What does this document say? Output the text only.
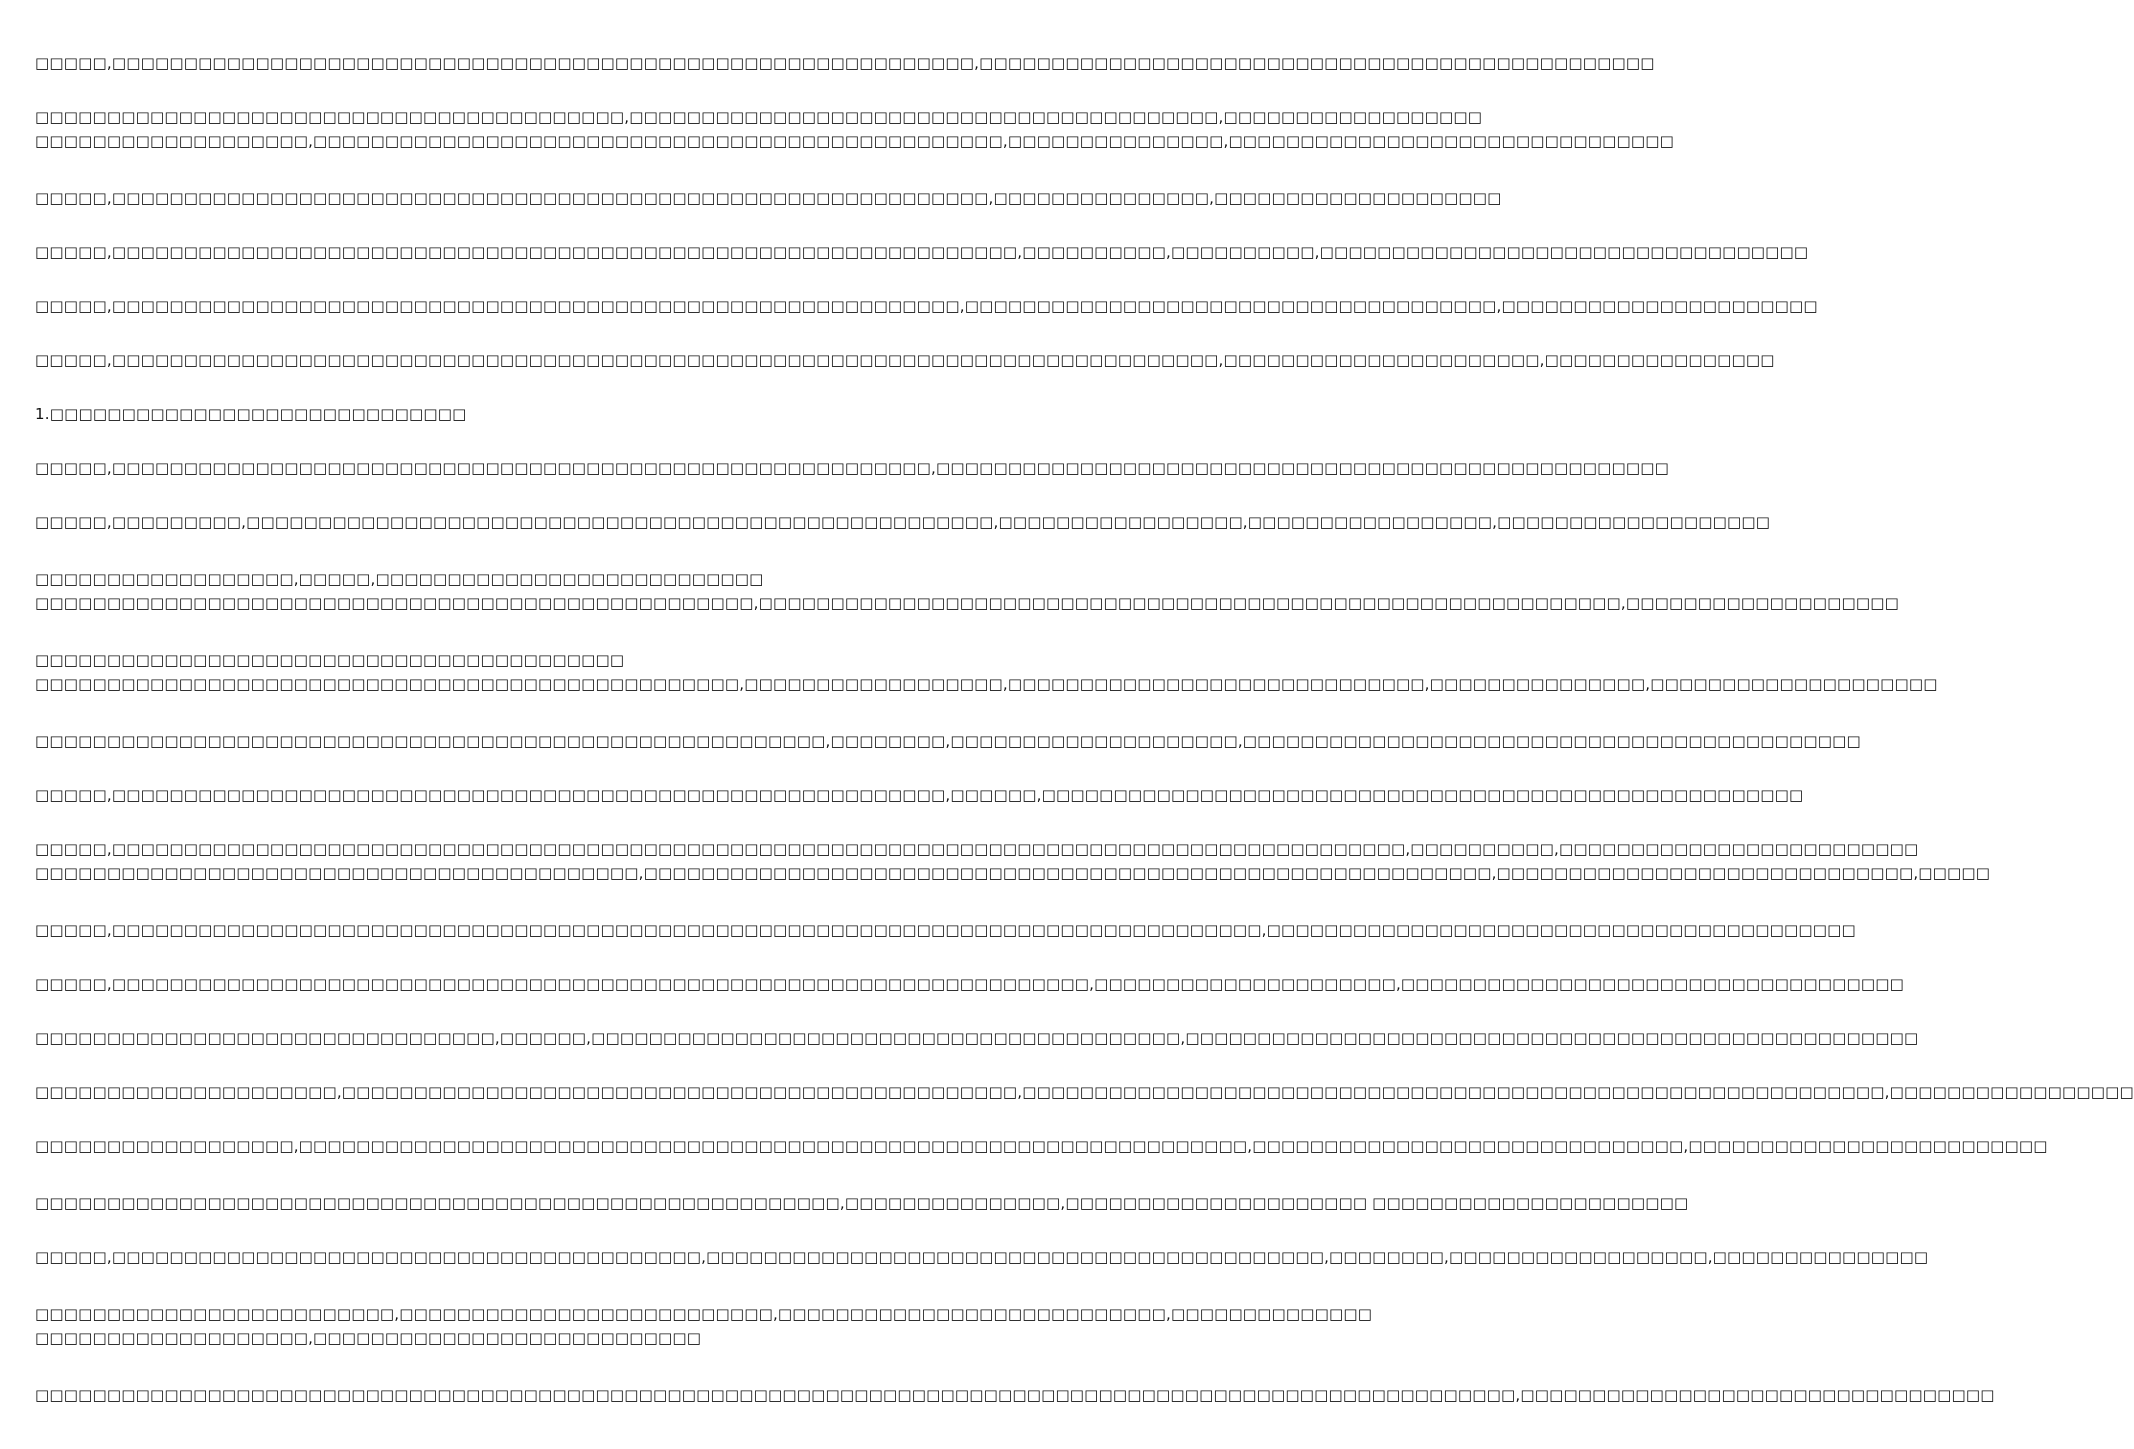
□□□□□,□□□□□□□□□□□□□□□□□□□□□□□□□□□□□□□□□□□□□□□□□□□□□□□□□□□□□□□□□□□□,□□□□□□□□□□□□□□□□□□□□□□□□□□□□□□□□□□□□□□□□□□□□□□□
□□□□□□□□□□□□□□□□□□□□□□□□□□□□□□□□□□□□□□□□□,□□□□□□□□□□□□□□□□□□□□□□□□□□□□□□□□□□□□□□□□□,□□□□□□□□□□□□□□□□□□
□□□□□□□□□□□□□□□□□□□,□□□□□□□□□□□□□□□□□□□□□□□□□□□□□□□□□□□□□□□□□□□□□□□□,□□□□□□□□□□□□□□□,□□□□□□□□□□□□□□□□□□□□□□□□□□□□□□□
□□□□□,□□□□□□□□□□□□□□□□□□□□□□□□□□□□□□□□□□□□□□□□□□□□□□□□□□□□□□□□□□□□□,□□□□□□□□□□□□□□□,□□□□□□□□□□□□□□□□□□□□
□□□□□,□□□□□□□□□□□□□□□□□□□□□□□□□□□□□□□□□□□□□□□□□□□□□□□□□□□□□□□□□□□□□□□,□□□□□□□□□□,□□□□□□□□□□,□□□□□□□□□□□□□□□□□□□□□□□□□□□□□□□□□□
□□□□□,□□□□□□□□□□□□□□□□□□□□□□□□□□□□□□□□□□□□□□□□□□□□□□□□□□□□□□□□□□□,□□□□□□□□□□□□□□□□□□□□□□□□□□□□□□□□□□□□□,□□□□□□□□□□□□□□□□□□□□□□
□□□□□,□□□□□□□□□□□□□□□□□□□□□□□□□□□□□□□□□□□□□□□□□□□□□□□□□□□□□□□□□□□□□□□□□□□□□□□□□□□□□,□□□□□□□□□□□□□□□□□□□□□□,□□□□□□□□□□□□□□□□
1.□□□□□□□□□□□□□□□□□□□□□□□□□□□□□
□□□□□,□□□□□□□□□□□□□□□□□□□□□□□□□□□□□□□□□□□□□□□□□□□□□□□□□□□□□□□□□,□□□□□□□□□□□□□□□□□□□□□□□□□□□□□□□□□□□□□□□□□□□□□□□□□□□
□□□□□,□□□□□□□□□,□□□□□□□□□□□□□□□□□□□□□□□□□□□□□□□□□□□□□□□□□□□□□□□□□□□□,□□□□□□□□□□□□□□□□□,□□□□□□□□□□□□□□□□□,□□□□□□□□□□□□□□□□□□□
□□□□□□□□□□□□□□□□□□,□□□□□,□□□□□□□□□□□□□□□□□□□□□□□□□□□
□□□□□□□□□□□□□□□□□□□□□□□□□□□□□□□□□□□□□□□□□□□□□□□□□□,□□□□□□□□□□□□□□□□□□□□□□□□□□□□□□□□□□□□□□□□□□□□□□□□□□□□□□□□□□□□,□□□□□□□□□□□□□□□□□□□
□□□□□□□□□□□□□□□□□□□□□□□□□□□□□□□□□□□□□□□□□
□□□□□□□□□□□□□□□□□□□□□□□□□□□□□□□□□□□□□□□□□□□□□□□□□,□□□□□□□□□□□□□□□□□□,□□□□□□□□□□□□□□□□□□□□□□□□□□□□□,□□□□□□□□□□□□□□□,□□□□□□□□□□□□□□□□□□□□
□□□□□□□□□□□□□□□□□□□□□□□□□□□□□□□□□□□□□□□□□□□□□□□□□□□□□□□,□□□□□□□□,□□□□□□□□□□□□□□□□□□□□,□□□□□□□□□□□□□□□□□□□□□□□□□□□□□□□□□□□□□□□□□□□
□□□□□,□□□□□□□□□□□□□□□□□□□□□□□□□□□□□□□□□□□□□□□□□□□□□□□□□□□□□□□□□□,□□□□□□,□□□□□□□□□□□□□□□□□□□□□□□□□□□□□□□□□□□□□□□□□□□□□□□□□□□□□
□□□□□,□□□□□□□□□□□□□□□□□□□□□□□□□□□□□□□□□□□□□□□□□□□□□□□□□□□□□□□□□□□□□□□□□□□□□□□□□□□□□□□□□□□□□□□□□□,□□□□□□□□□□,□□□□□□□□□□□□□□□□□□□□□□□□□
□□□□□□□□□□□□□□□□□□□□□□□□□□□□□□□□□□□□□□□□□□,□□□□□□□□□□□□□□□□□□□□□□□□□□□□□□□□□□□□□□□□□□□□□□□□□□□□□□□□□□□,□□□□□□□□□□□□□□□□□□□□□□□□□□□□□,□□□□□
□□□□□,□□□□□□□□□□□□□□□□□□□□□□□□□□□□□□□□□□□□□□□□□□□□□□□□□□□□□□□□□□□□□□□□□□□□□□□□□□□□□□□□,□□□□□□□□□□□□□□□□□□□□□□□□□□□□□□□□□□□□□□□□□
□□□□□,□□□□□□□□□□□□□□□□□□□□□□□□□□□□□□□□□□□□□□□□□□□□□□□□□□□□□□□□□□□□□□□□□□□□,□□□□□□□□□□□□□□□□□□□□□,□□□□□□□□□□□□□□□□□□□□□□□□□□□□□□□□□□□
□□□□□□□□□□□□□□□□□□□□□□□□□□□□□□□□,□□□□□□,□□□□□□□□□□□□□□□□□□□□□□□□□□□□□□□□□□□□□□□□□,□□□□□□□□□□□□□□□□□□□□□□□□□□□□□□□□□□□□□□□□□□□□□□□□□□□
□□□□□□□□□□□□□□□□□□□□□,□□□□□□□□□□□□□□□□□□□□□□□□□□□□□□□□□□□□□□□□□□□□□□□,□□□□□□□□□□□□□□□□□□□□□□□□□□□□□□□□□□□□□□□□□□□□□□□□□□□□□□□□□□□□,□□□□□□□□□□□□□□□□□
□□□□□□□□□□□□□□□□□□,□□□□□□□□□□□□□□□□□□□□□□□□□□□□□□□□□□□□□□□□□□□□□□□□□□□□□□□□□□□□□□□□□□,□□□□□□□□□□□□□□□□□□□□□□□□□□□□□□,□□□□□□□□□□□□□□□□□□□□□□□□□
□□□□□□□□□□□□□□□□□□□□□□□□□□□□□□□□□□□□□□□□□□□□□□□□□□□□□□□□,□□□□□□□□□□□□□□□,□□□□□□□□□□□□□□□□□□□□□ □□□□□□□□□□□□□□□□□□□□□□
□□□□□,□□□□□□□□□□□□□□□□□□□□□□□□□□□□□□□□□□□□□□□□□,□□□□□□□□□□□□□□□□□□□□□□□□□□□□□□□□□□□□□□□□□□□,□□□□□□□□,□□□□□□□□□□□□□□□□□□,□□□□□□□□□□□□□□□
□□□□□□□□□□□□□□□□□□□□□□□□□,□□□□□□□□□□□□□□□□□□□□□□□□□□,□□□□□□□□□□□□□□□□□□□□□□□□□□□,□□□□□□□□□□□□□□
□□□□□□□□□□□□□□□□□□□,□□□□□□□□□□□□□□□□□□□□□□□□□□□
□□□□□□□□□□□□□□□□□□□□□□□□□□□□□□□□□□□□□□□□□□□□□□□□□□□□□□□□□□□□□□□□□□□□□□□□□□□□□□□□□□□□□□□□□□□□□□□□□□□□□□□,□□□□□□□□□□□□□□□□□□□□□□□□□□□□□□□□□
